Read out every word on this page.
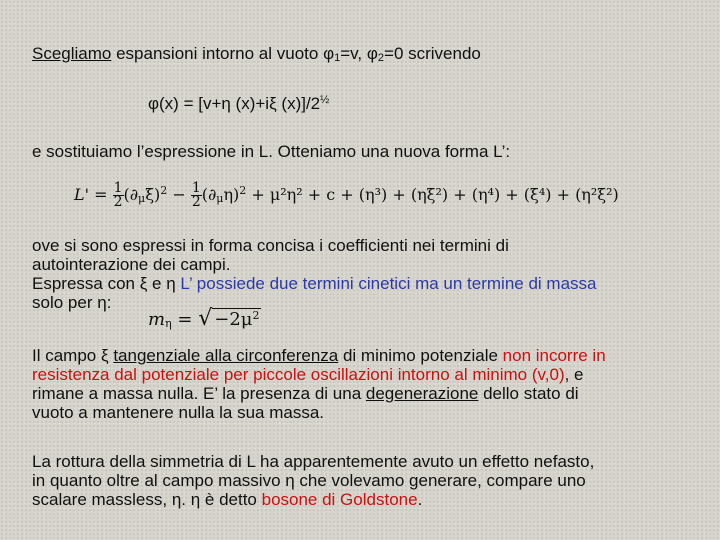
Scegliamo espansioni intorno al vuoto $\varphi_1=v$, $\varphi_2=0$ scrivendo

φ(x) = [v+η (x)+iξ $(x)]/2^{\frac{1}{2}}$

e sostituiamo l’espressione in L. Otteniamo una nuova forma L’:

$L' = \frac{1}{2} (\partial_\mu\xi)^2 - \frac{1}{2} (\partial_\mu\eta)^2 + \mu^2\eta^2 + c + (\eta^3) + (\eta\xi^2) + (\eta^4) + (\xi^4) + (\eta^2\xi^2)$

ove si sono espressi in forma concisa i coefficienti nei termini di
autointerazione dei campi.
Espressa con ξ e η L’ possiede due termini cinetici ma un termine di massa
solo per η:

$m_\eta$ = √ $-2\mu^2$

Il campo ξ tangenziale alla circonferenza di minimo potenziale non incorre in
resistenza dal potenziale per piccole oscillazioni intorno al minimo (v,0), e
rimane a massa nulla. E’ la presenza di una degenerazione dello stato di
vuoto a mantenere nulla la sua massa.

La rottura della simmetria di L ha apparentemente avuto un effetto nefasto,
in quanto oltre al campo massivo η che volevamo generare, compare uno
scalare massless, η. η è detto bosone di Goldstone.
